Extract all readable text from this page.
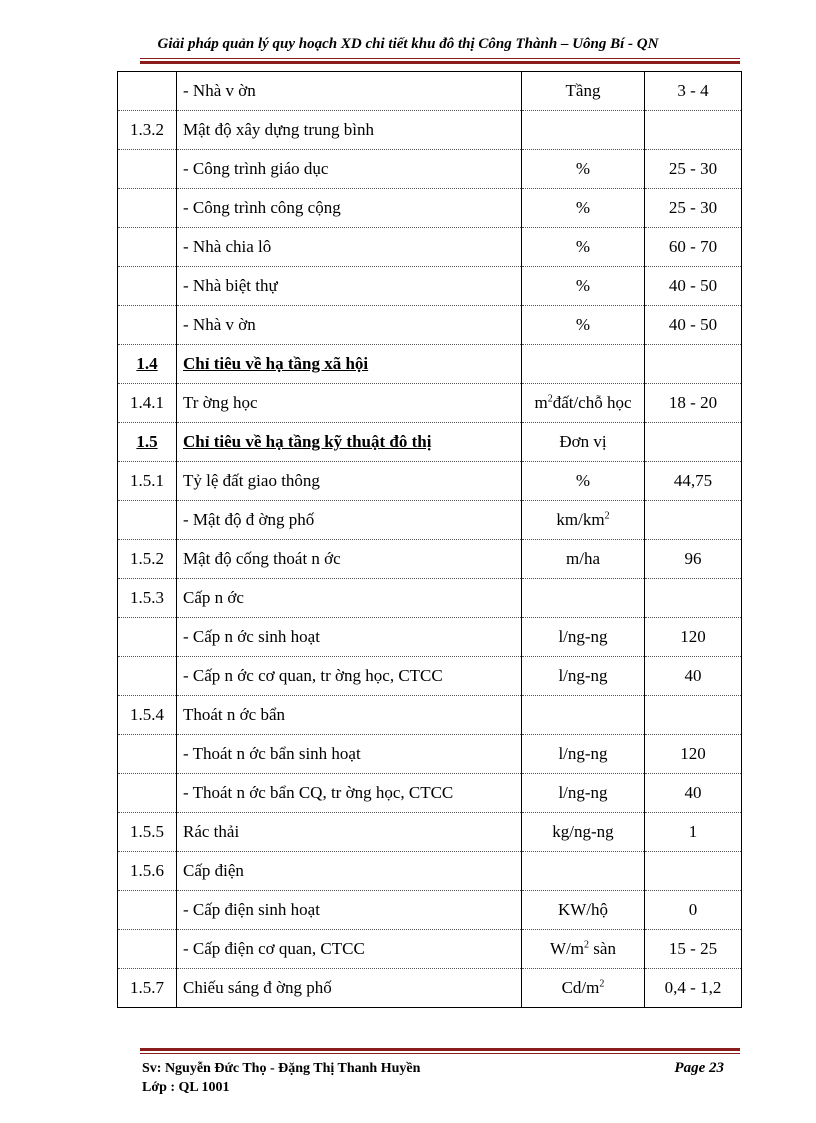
Giải pháp quản lý quy hoạch XD chi tiết khu đô thị Công Thành – Uông Bí - QN
	- Nhà v ờn	Tầng	3 - 4
1.3.2	Mật độ xây dựng trung bình		
	- Công trình giáo dục	%	25 - 30
	- Công trình công cộng	%	25 - 30
	- Nhà chia lô	%	60 - 70
	- Nhà biệt thự	%	40 - 50
	- Nhà v ờn	%	40 - 50
1.4	Chỉ tiêu về hạ tầng xã hội		
1.4.1	Tr ờng học	$m^2đất$/chỗ học	18 - 20
1.5	Chỉ tiêu về hạ tầng kỹ thuật đô thị	Đơn vị	
1.5.1	Tỷ lệ đất giao thông	%	44,75
	- Mật độ đ ờng phố	$km/km^2$	
1.5.2	Mật độ cống thoát n ớc	m/ha	96
1.5.3	Cấp n ớc		
	- Cấp n ớc sinh hoạt	l/ng-ng	120
	- Cấp n ớc cơ quan, tr ờng học, CTCC	l/ng-ng	40
1.5.4	Thoát n ớc bẩn		
	- Thoát n ớc bẩn sinh hoạt	l/ng-ng	120
	- Thoát n ớc bẩn CQ, tr ờng học, CTCC	l/ng-ng	40
1.5.5	Rác thải	kg/ng-ng	1
1.5.6	Cấp điện		
	- Cấp điện sinh hoạt	KW/hộ	0
	- Cấp điện cơ quan, CTCC	$W/m^2$ sàn	15 - 25
1.5.7	Chiếu sáng đ ờng phố	$Cd/m^2$	0,4 - 1,2
Sv: Nguyễn Đức Thọ - Đặng Thị Thanh Huyền
Lớp : QL 1001
Page 23
